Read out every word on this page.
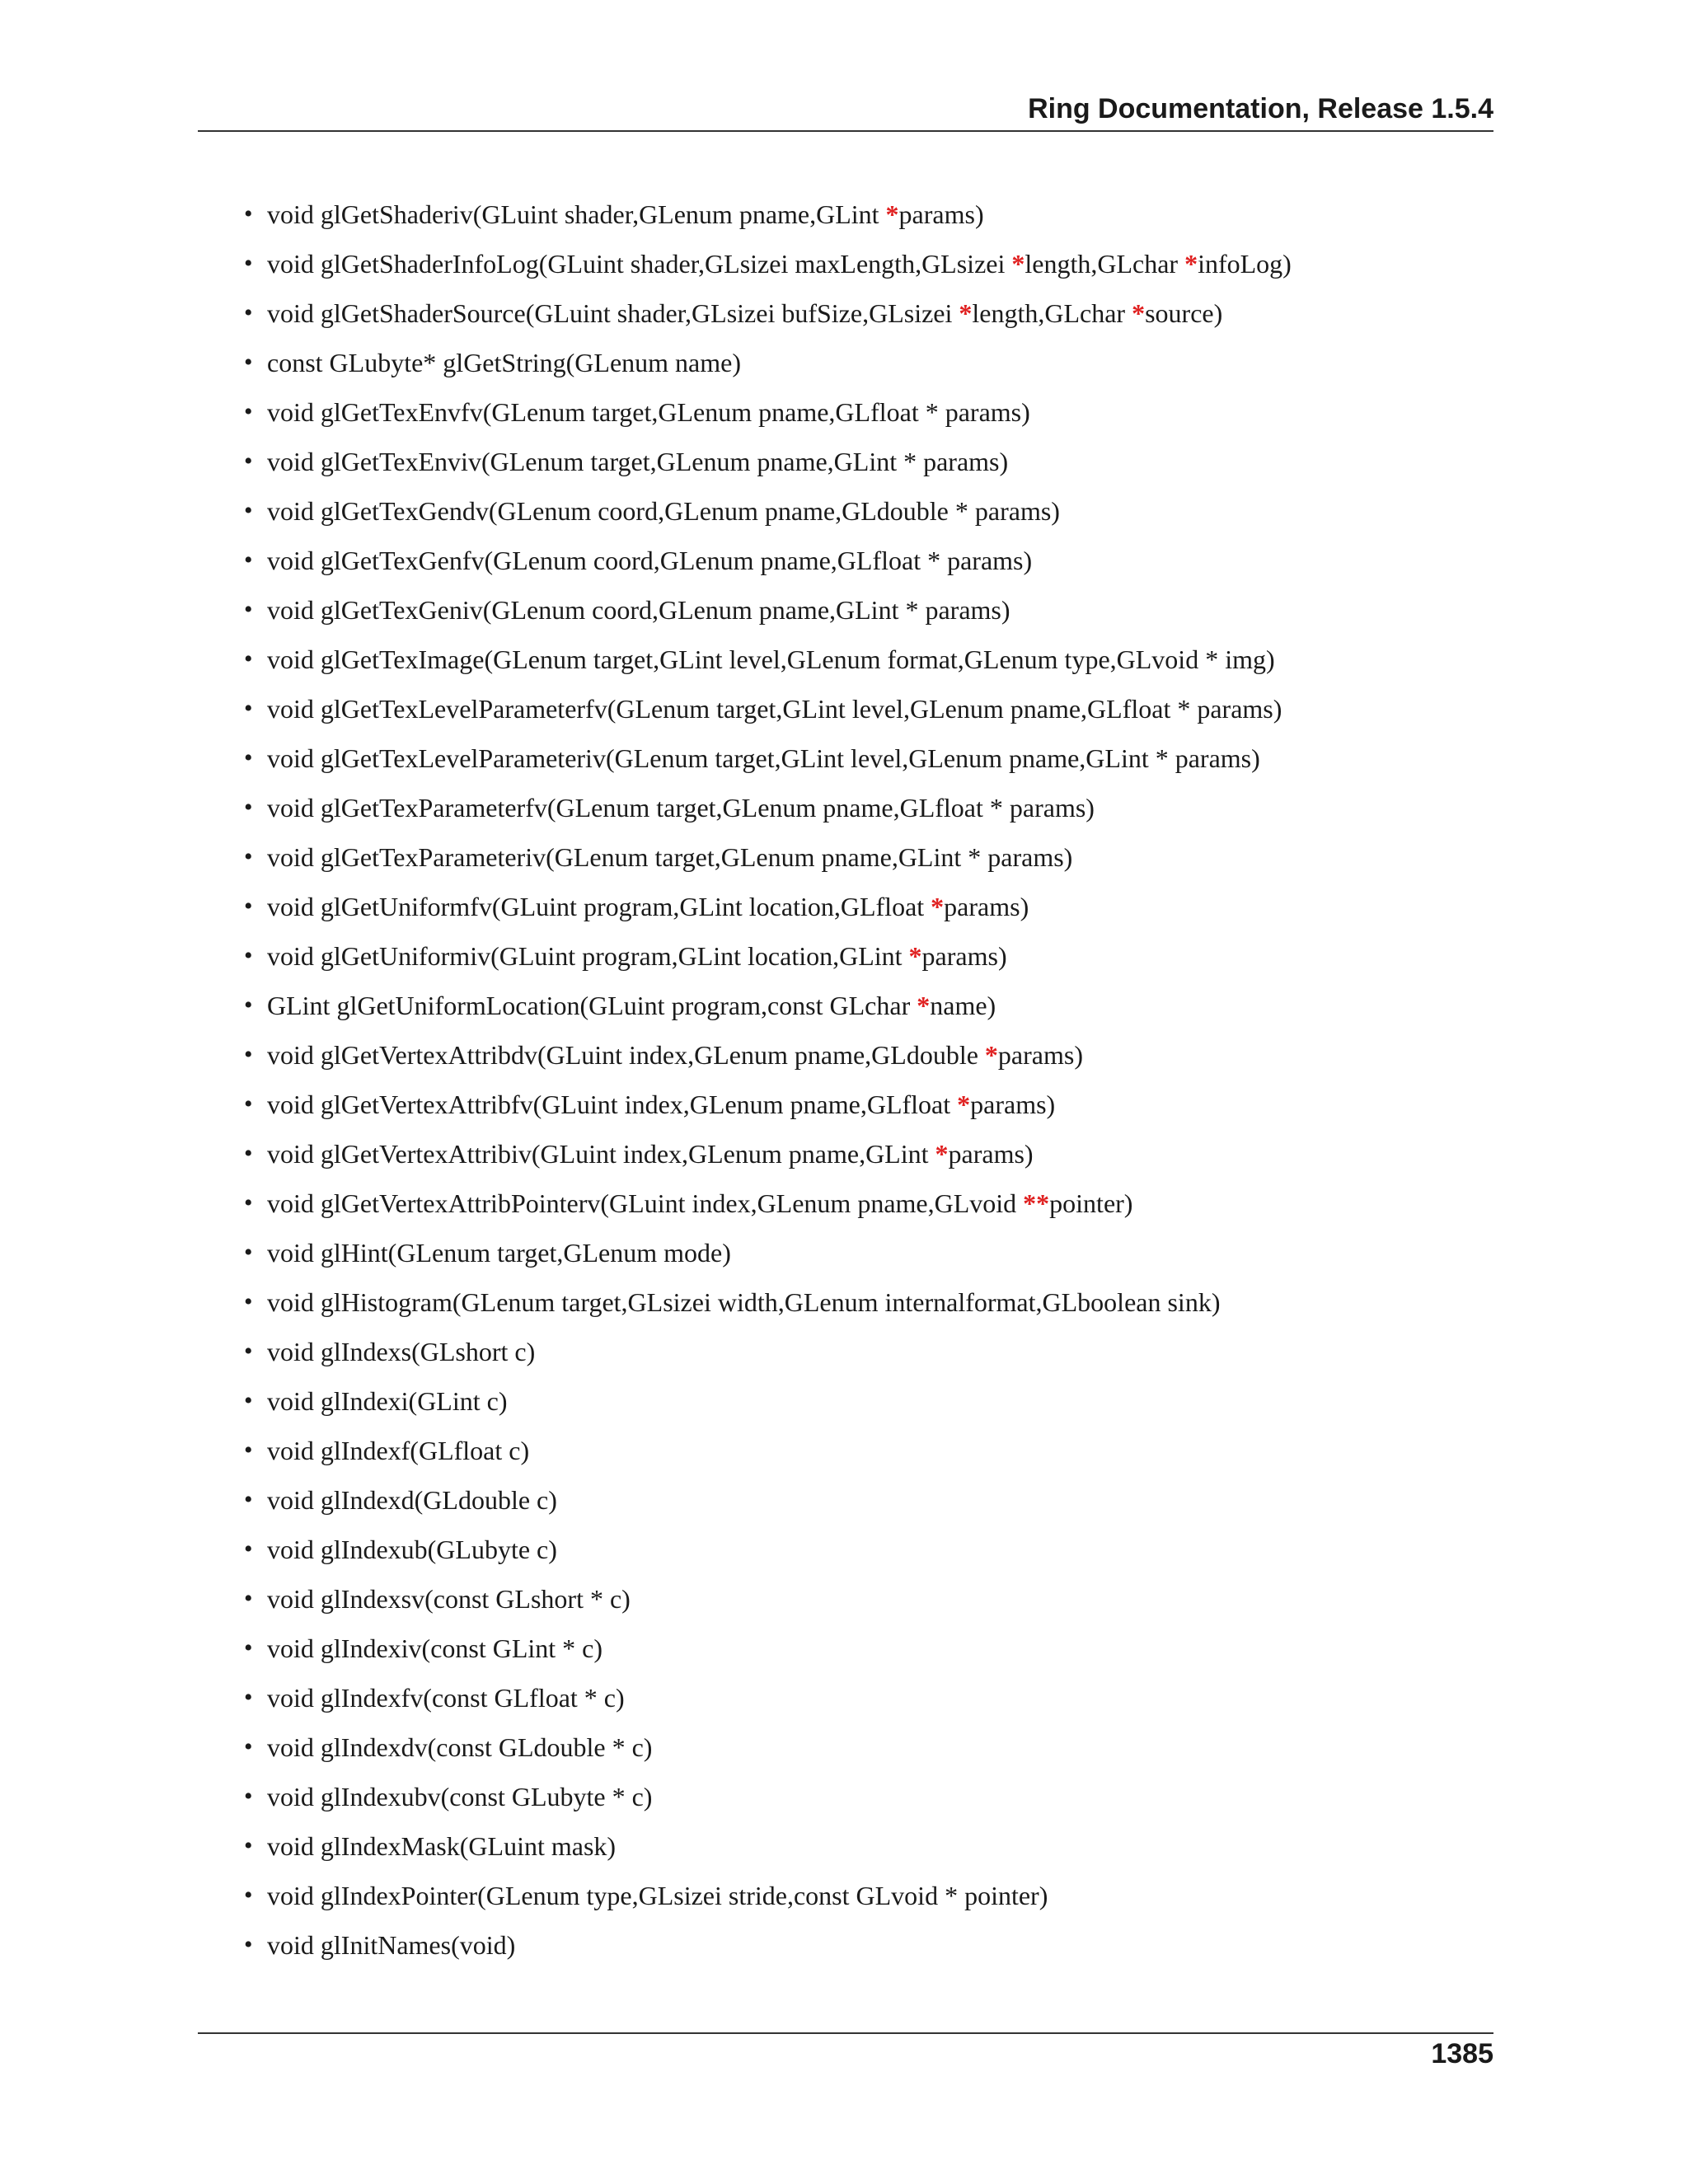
Ring Documentation, Release 1.5.4
• void glGetShaderiv(GLuint shader,GLenum pname,GLint *params)
• void glGetShaderInfoLog(GLuint shader,GLsizei maxLength,GLsizei *length,GLchar *infoLog)
• void glGetShaderSource(GLuint shader,GLsizei bufSize,GLsizei *length,GLchar *source)
• const GLubyte* glGetString(GLenum name)
• void glGetTexEnvfv(GLenum target,GLenum pname,GLfloat * params)
• void glGetTexEnviv(GLenum target,GLenum pname,GLint * params)
• void glGetTexGendv(GLenum coord,GLenum pname,GLdouble * params)
• void glGetTexGenfv(GLenum coord,GLenum pname,GLfloat * params)
• void glGetTexGeniv(GLenum coord,GLenum pname,GLint * params)
• void glGetTexImage(GLenum target,GLint level,GLenum format,GLenum type,GLvoid * img)
• void glGetTexLevelParameterfv(GLenum target,GLint level,GLenum pname,GLfloat * params)
• void glGetTexLevelParameteriv(GLenum target,GLint level,GLenum pname,GLint * params)
• void glGetTexParameterfv(GLenum target,GLenum pname,GLfloat * params)
• void glGetTexParameteriv(GLenum target,GLenum pname,GLint * params)
• void glGetUniformfv(GLuint program,GLint location,GLfloat *params)
• void glGetUniformiv(GLuint program,GLint location,GLint *params)
• GLint glGetUniformLocation(GLuint program,const GLchar *name)
• void glGetVertexAttribdv(GLuint index,GLenum pname,GLdouble *params)
• void glGetVertexAttribfv(GLuint index,GLenum pname,GLfloat *params)
• void glGetVertexAttribiv(GLuint index,GLenum pname,GLint *params)
• void glGetVertexAttribPointerv(GLuint index,GLenum pname,GLvoid **pointer)
• void glHint(GLenum target,GLenum mode)
• void glHistogram(GLenum target,GLsizei width,GLenum internalformat,GLboolean sink)
• void glIndexs(GLshort c)
• void glIndexi(GLint c)
• void glIndexf(GLfloat c)
• void glIndexd(GLdouble c)
• void glIndexub(GLubyte c)
• void glIndexsv(const GLshort * c)
• void glIndexiv(const GLint * c)
• void glIndexfv(const GLfloat * c)
• void glIndexdv(const GLdouble * c)
• void glIndexubv(const GLubyte * c)
• void glIndexMask(GLuint mask)
• void glIndexPointer(GLenum type,GLsizei stride,const GLvoid * pointer)
• void glInitNames(void)
1385
